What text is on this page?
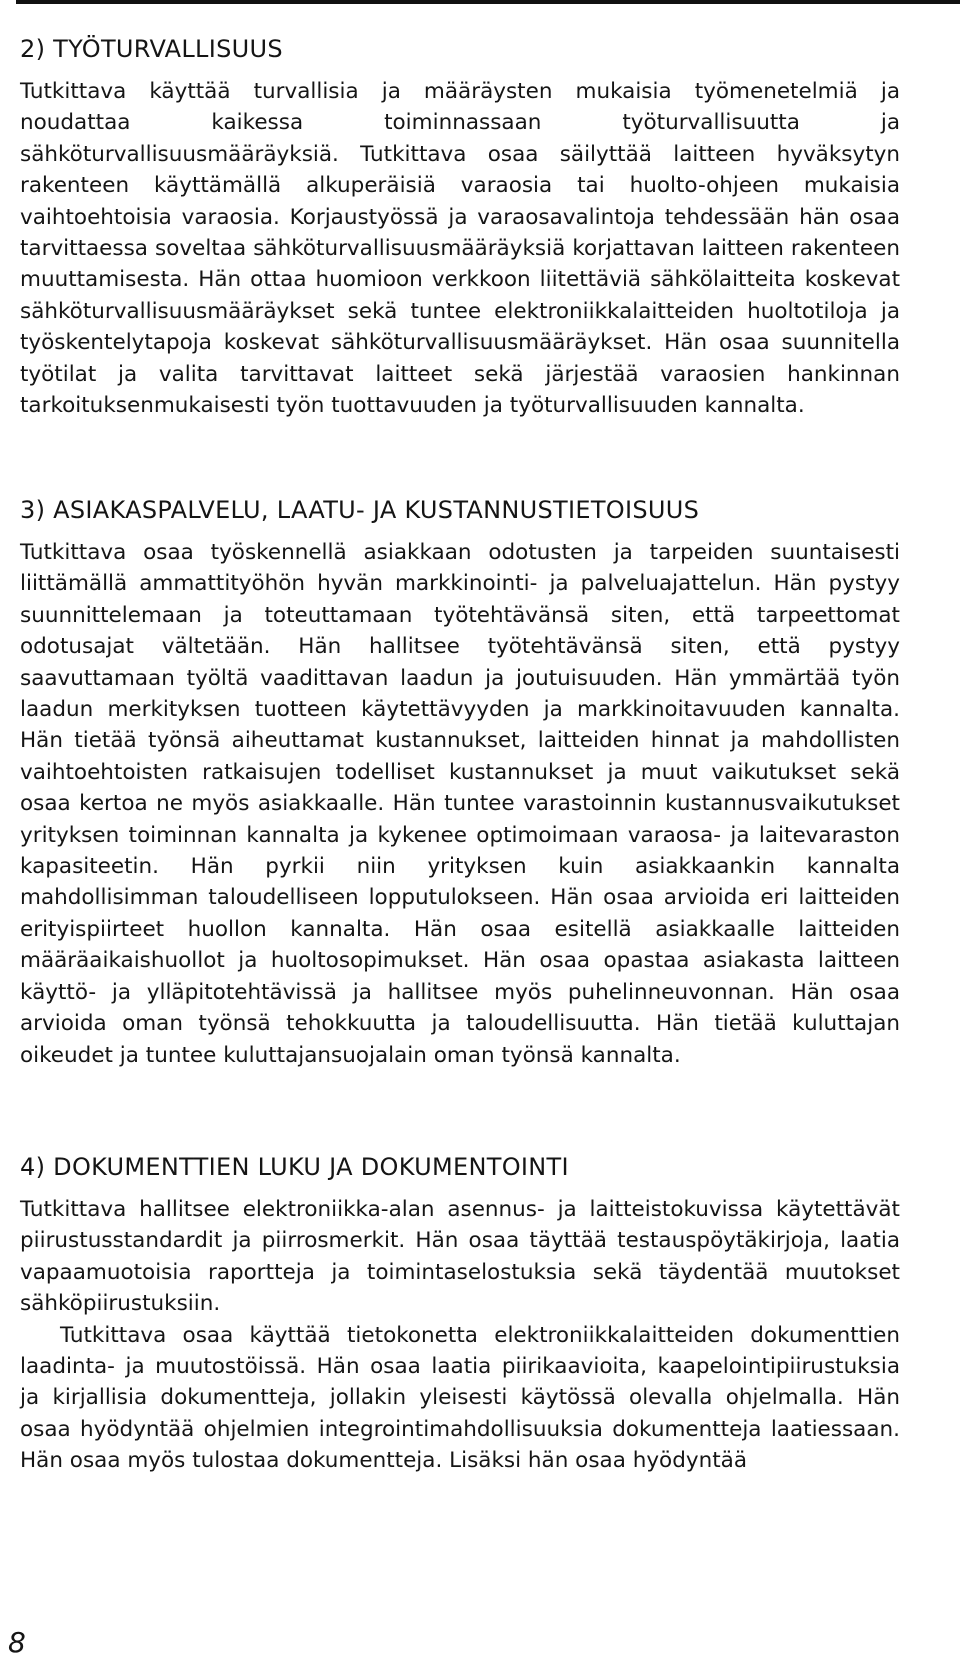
2) TYÖTURVALLISUUS

Tutkittava käyttää turvallisia ja määräysten mukaisia työmenetelmiä ja noudattaa kaikessa toiminnassaan työturvallisuutta ja sähköturvallisuusmääräyksiä. Tutkittava osaa säilyttää laitteen hyväksytyn rakenteen käyttämällä alkuperäisiä varaosia tai huolto-ohjeen mukaisia vaihtoehtoisia varaosia. Korjaustyössä ja varaosavalintoja tehdessään hän osaa tarvittaessa soveltaa sähköturvallisuusmääräyksiä korjattavan laitteen rakenteen muuttamisesta. Hän ottaa huomioon verkkoon liitettäviä sähkölaitteita koskevat sähköturvallisuusmääräykset sekä tuntee elektroniikkalaitteiden huoltotiloja ja työskentelytapoja koskevat sähköturvallisuusmääräykset. Hän osaa suunnitella työtilat ja valita tarvittavat laitteet sekä järjestää varaosien hankinnan tarkoituksenmukaisesti työn tuottavuuden ja työturvallisuuden kannalta.

3) ASIAKASPALVELU, LAATU- JA KUSTANNUSTIETOISUUS

Tutkittava osaa työskennellä asiakkaan odotusten ja tarpeiden suuntaisesti liittämällä ammattityöhön hyvän markkinointi- ja palveluajattelun. Hän pystyy suunnittelemaan ja toteuttamaan työtehtävänsä siten, että tarpeettomat odotusajat vältetään. Hän hallitsee työtehtävänsä siten, että pystyy saavuttamaan työltä vaadittavan laadun ja joutuisuuden. Hän ymmärtää työn laadun merkityksen tuotteen käytettävyyden ja markkinoitavuuden kannalta. Hän tietää työnsä aiheuttamat kustannukset, laitteiden hinnat ja mahdollisten vaihtoehtoisten ratkaisujen todelliset kustannukset ja muut vaikutukset sekä osaa kertoa ne myös asiakkaalle. Hän tuntee varastoinnin kustannusvaikutukset yrityksen toiminnan kannalta ja kykenee optimoimaan varaosa- ja laitevaraston kapasiteetin. Hän pyrkii niin yrityksen kuin asiakkaankin kannalta mahdollisimman taloudelliseen lopputulokseen. Hän osaa arvioida eri laitteiden erityispiirteet huollon kannalta. Hän osaa esitellä asiakkaalle laitteiden määräaikaishuollot ja huoltosopimukset. Hän osaa opastaa asiakasta laitteen käyttö- ja ylläpitotehtävissä ja hallitsee myös puhelinneuvonnan. Hän osaa arvioida oman työnsä tehokkuutta ja taloudellisuutta. Hän tietää kuluttajan oikeudet ja tuntee kuluttajansuojalain oman työnsä kannalta.

4) DOKUMENTTIEN LUKU JA DOKUMENTOINTI

Tutkittava hallitsee elektroniikka-alan asennus- ja laitteistokuvissa käytettävät piirustusstandardit ja piirrosmerkit. Hän osaa täyttää testauspöytäkirjoja, laatia vapaamuotoisia raportteja ja toimintaselostuksia sekä täydentää muutokset sähköpiirustuksiin.

Tutkittava osaa käyttää tietokonetta elektroniikkalaitteiden dokumenttien laadinta- ja muutostöissä. Hän osaa laatia piirikaavioita, kaapelointipiirustuksia ja kirjallisia dokumentteja, jollakin yleisesti käytössä olevalla ohjelmalla. Hän osaa hyödyntää ohjelmien integrointimahdollisuuksia dokumentteja laatiessaan. Hän osaa myös tulostaa dokumentteja. Lisäksi hän osaa hyödyntää

8
